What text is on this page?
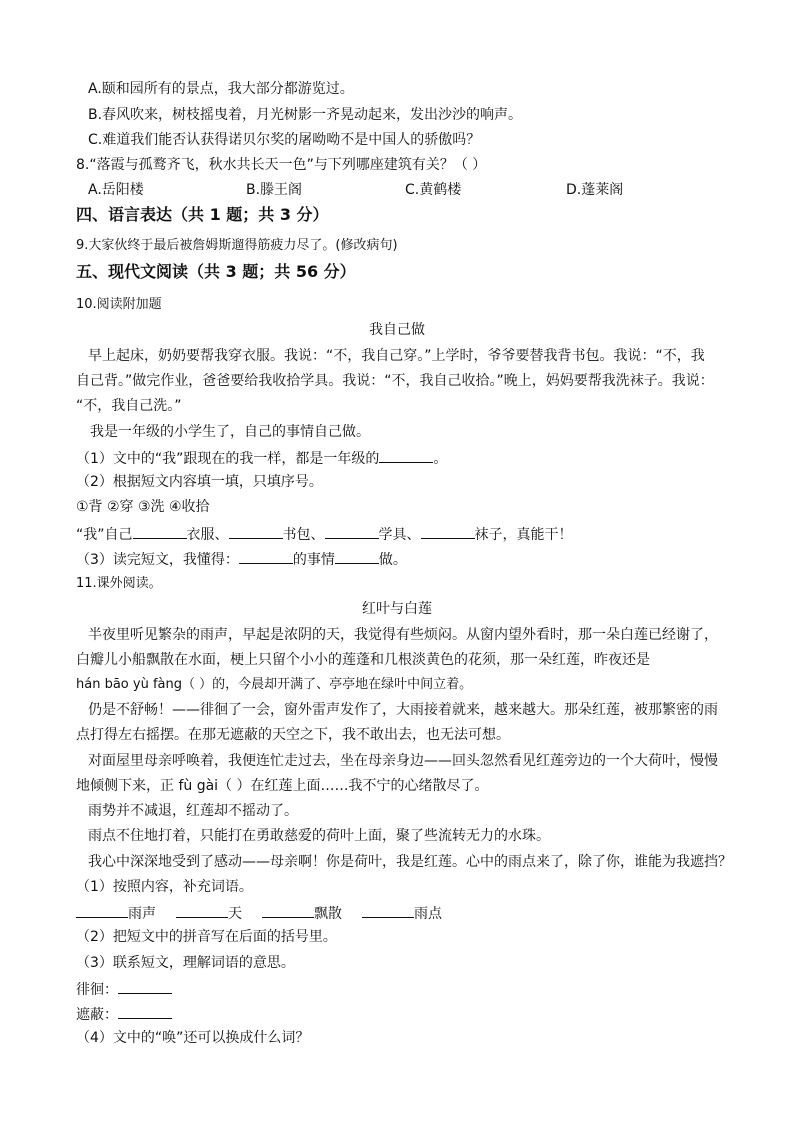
A.颐和园所有的景点，我大部分都游览过。
B.春风吹来，树枝摇曳着，月光树影一齐晃动起来，发出沙沙的响声。
C.难道我们能否认获得诺贝尔奖的屠呦呦不是中国人的骄傲吗？
8.“落霞与孤鹜齐飞，秋水共长天一色”与下列哪座建筑有关？（ ）
A.岳阳楼	B.滕王阁	C.黄鹤楼	D.蓬莱阁
四、语言表达（共 1 题；共 3 分）
9.大家伙终于最后被詹姆斯遛得筋疲力尽了。(修改病句)
五、现代文阅读（共 3 题；共 56 分）
10.阅读附加题
我自己做
早上起床，奶奶要帮我穿衣服。我说：“不，我自己穿。”上学时，爷爷要替我背书包。我说：“不，我
自己背。”做完作业，爸爸要给我收拾学具。我说：“不，我自己收拾。”晚上，妈妈要帮我洗袜子。我说：
“不，我自己洗。”
我是一年级的小学生了，自己的事情自己做。
（1）文中的“我”跟现在的我一样，都是一年级的	。
（2）根据短文内容填一填，只填序号。
①背 ②穿 ③洗 ④收拾
“我”自己	衣服、	书包、	学具、	袜子，真能干！
（3）读完短文，我懂得：	的事情	做。
11.课外阅读。
红叶与白莲
半夜里听见繁杂的雨声，早起是浓阴的天，我觉得有些烦闷。从窗内望外看时，那一朵白莲已经谢了，
白瓣儿小船飘散在水面，梗上只留个小小的莲蓬和几根淡黄色的花须，那一朵红莲，昨夜还是
hán bāo yù fàng（ ）的，今晨却开满了、亭亭地在绿叶中间立着。
仍是不舒畅！——徘徊了一会，窗外雷声发作了，大雨接着就来，越来越大。那朵红莲，被那繁密的雨
点打得左右摇摆。在那无遮蔽的天空之下，我不敢出去，也无法可想。
对面屋里母亲呼唤着，我便连忙走过去，坐在母亲身边——回头忽然看见红莲旁边的一个大荷叶，慢慢
地倾侧下来，正 fù gài（ ）在红莲上面……我不宁的心绪散尽了。
雨势并不减退，红莲却不摇动了。
雨点不住地打着，只能打在勇敢慈爱的荷叶上面，聚了些流转无力的水珠。
我心中深深地受到了感动——母亲啊！你是荷叶，我是红莲。心中的雨点来了，除了你，谁能为我遮挡？
（1）按照内容，补充词语。
雨声	天	飘散	雨点
（2）把短文中的拼音写在后面的括号里。
（3）联系短文，理解词语的意思。
徘徊：
遮蔽：
（4）文中的“唤”还可以换成什么词？
